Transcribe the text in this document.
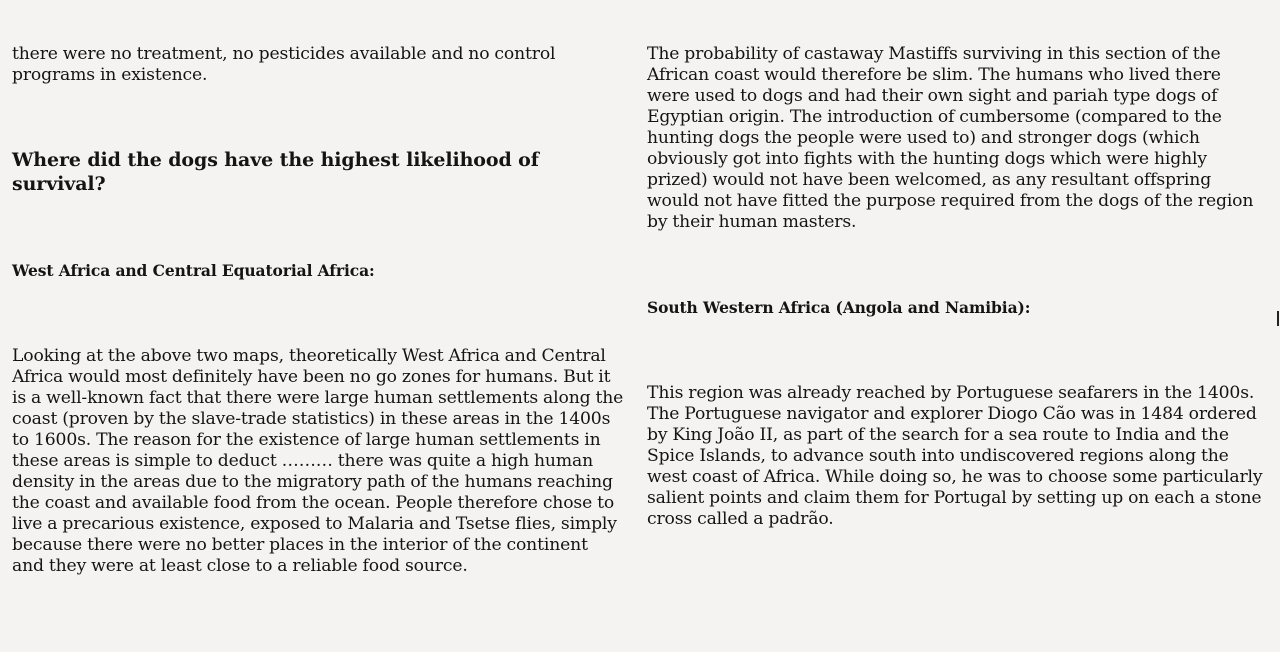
there were no treatment, no pesticides available and no control programs in existence.

Where did the dogs have the highest likelihood of survival?
West Africa and Central Equatorial Africa:

Looking at the above two maps, theoretically West Africa and Central Africa would most definitely have been no go zones for humans. But it is a well-known fact that there were large human settlements along the coast (proven by the slave-trade statistics) in these areas in the 1400s to 1600s. The reason for the existence of large human settlements in these areas is simple to deduct ……… there was quite a high human density in the areas due to the migratory path of the humans reaching the coast and available food from the ocean. People therefore chose to live a precarious existence, exposed to Malaria and Tsetse flies, simply because there were no better places in the interior of the continent and they were at least close to a reliable food source.

The probability of castaway Mastiffs surviving in this section of the African coast would therefore be slim. The humans who lived there were used to dogs and had their own sight and pariah type dogs of Egyptian origin. The introduction of cumbersome (compared to the hunting dogs the people were used to) and stronger dogs (which obviously got into fights with the hunting dogs which were highly prized) would not have been welcomed, as any resultant offspring would not have fitted the purpose required from the dogs of the region by their human masters.

South Western Africa (Angola and Namibia):

This region was already reached by Portuguese seafarers in the 1400s. The Portuguese navigator and explorer Diogo Cão was in 1484 ordered by King João II, as part of the search for a sea route to India and the Spice Islands, to advance south into undiscovered regions along the west coast of Africa. While doing so, he was to choose some particularly salient points and claim them for Portugal by setting up on each a stone cross called a padrão.
